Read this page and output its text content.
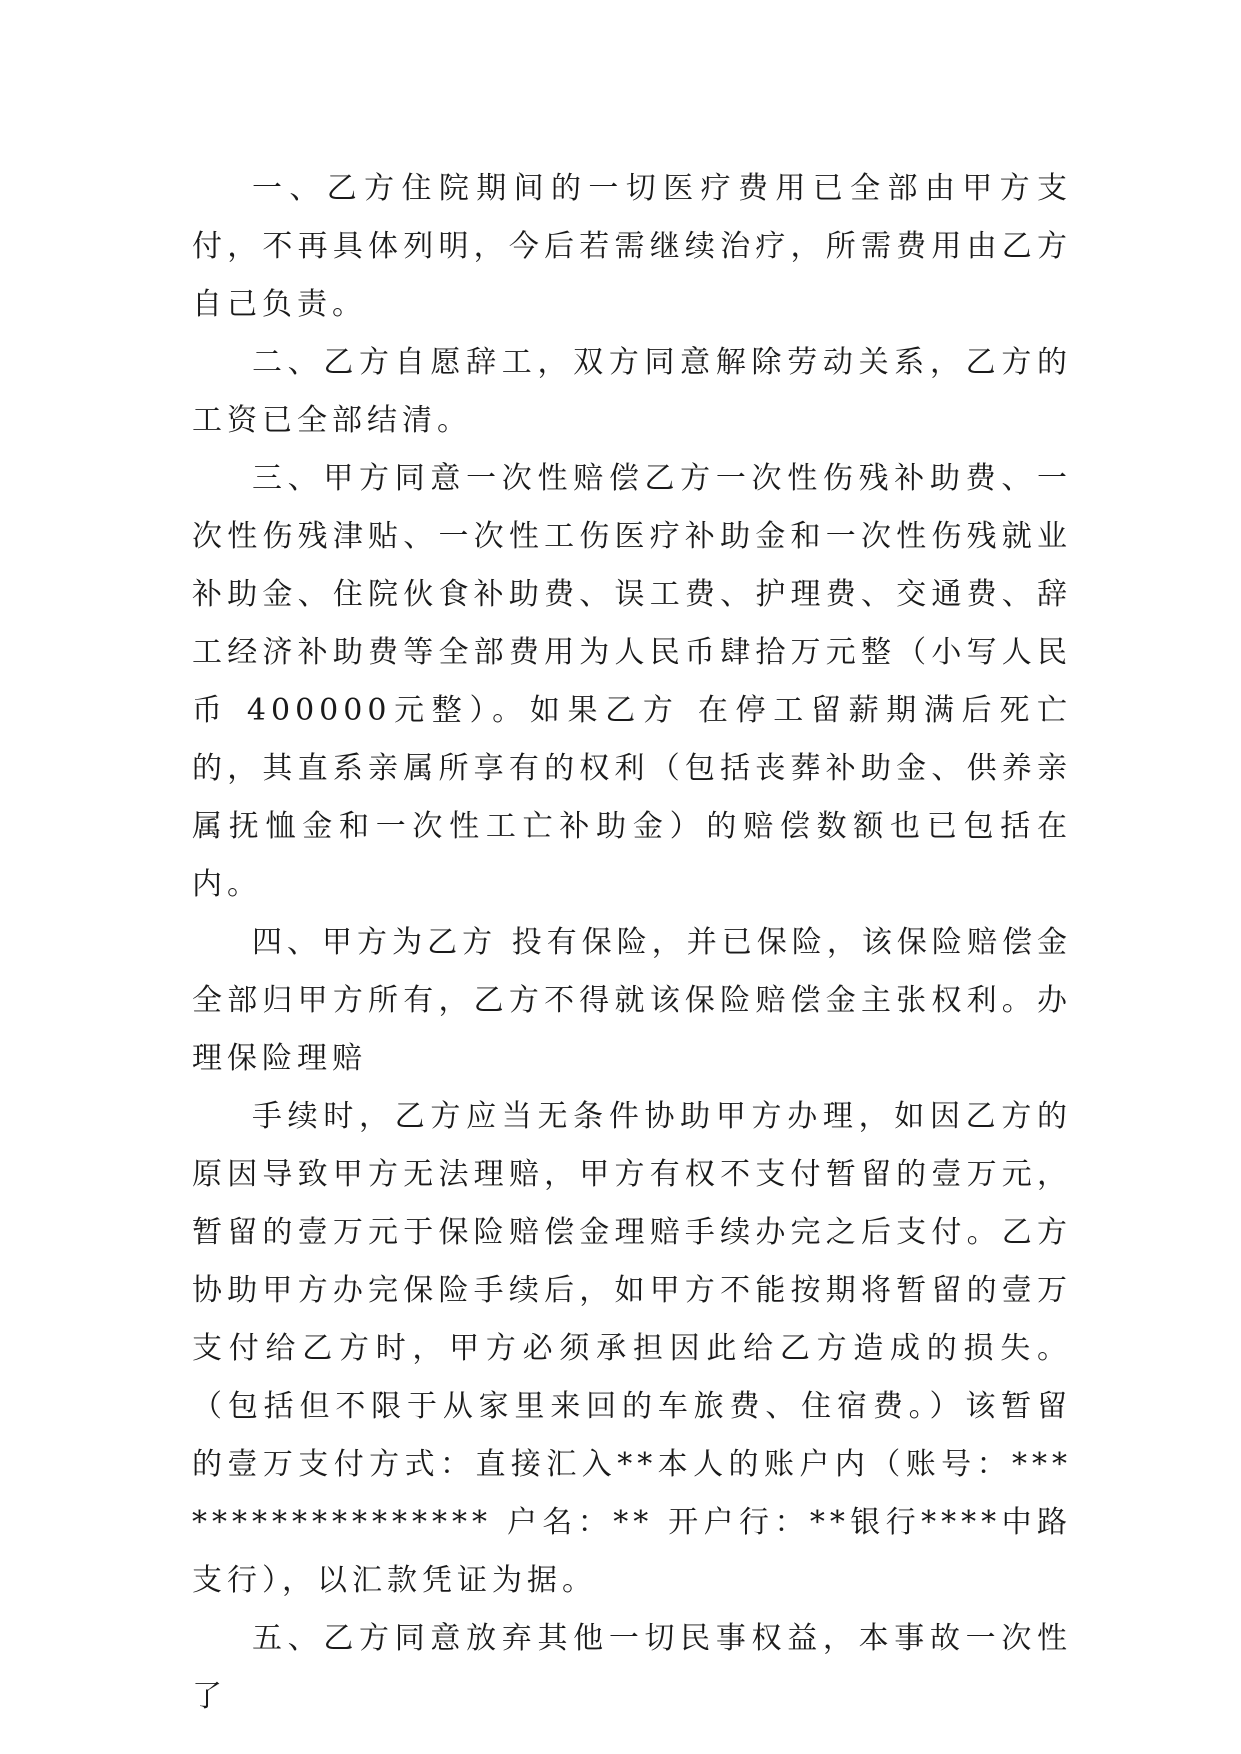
一、乙方住院期间的一切医疗费用已全部由甲方支付，不再具体列明，今后若需继续治疗，所需费用由乙方自己负责。

二、乙方自愿辞工，双方同意解除劳动关系，乙方的工资已全部结清。

三、甲方同意一次性赔偿乙方一次性伤残补助费、一次性伤残津贴、一次性工伤医疗补助金和一次性伤残就业补助金、住院伙食补助费、误工费、护理费、交通费、辞工经济补助费等全部费用为人民币肆拾万元整（小写人民币 400000元整）。如果乙方 在停工留薪期满后死亡的，其直系亲属所享有的权利（包括丧葬补助金、供养亲属抚恤金和一次性工亡补助金）的赔偿数额也已包括在内。

四、甲方为乙方 投有保险，并已保险，该保险赔偿金全部归甲方所有，乙方不得就该保险赔偿金主张权利。办理保险理赔

手续时，乙方应当无条件协助甲方办理，如因乙方的原因导致甲方无法理赔，甲方有权不支付暂留的壹万元，暂留的壹万元于保险赔偿金理赔手续办完之后支付。乙方协助甲方办完保险手续后，如甲方不能按期将暂留的壹万支付给乙方时，甲方必须承担因此给乙方造成的损失。（包括但不限于从家里来回的车旅费、住宿费。）该暂留的壹万支付方式：直接汇入**本人的账户内（账号：****************** 户名：** 开户行：**银行****中路支行），以汇款凭证为据。

五、乙方同意放弃其他一切民事权益，本事故一次性了
